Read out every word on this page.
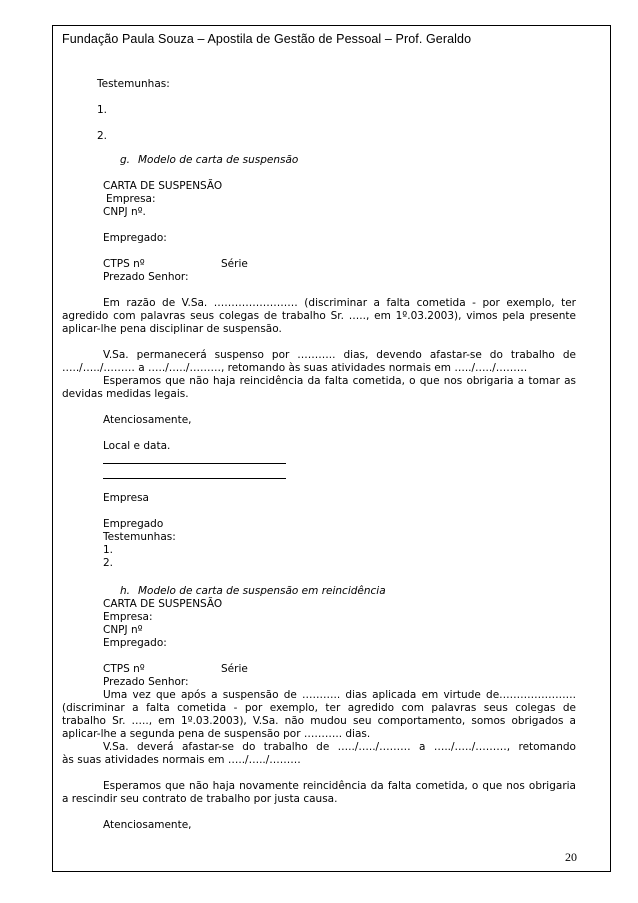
Fundação Paula Souza – Apostila de Gestão de Pessoal – Prof. Geraldo
Testemunhas:
1.
2.
g. Modelo de carta de suspensão
CARTA DE SUSPENSÃO
Empresa:
CNPJ nº.
Empregado:
CTPS nº	Série
Prezado Senhor:
Em razão de V.Sa. …………………… (discriminar a falta cometida - por exemplo, ter
agredido com palavras seus colegas de trabalho Sr. ….., em 1º.03.2003), vimos pela presente
aplicar-lhe pena disciplinar de suspensão.
V.Sa. permanecerá suspenso por ……….. dias, devendo afastar-se do trabalho de
…../…../……… a …../…../………, retomando às suas atividades normais em …../…../………
Esperamos que não haja reincidência da falta cometida, o que nos obrigaria a tomar as
devidas medidas legais.
Atenciosamente,
Local e data.
Empresa
Empregado
Testemunhas:
1.
2.
h. Modelo de carta de suspensão em reincidência
CARTA DE SUSPENSÃO
Empresa:
CNPJ nº
Empregado:
CTPS nº	Série
Prezado Senhor:
Uma vez que após a suspensão de ……….. dias aplicada em virtude de………………….
(discriminar a falta cometida - por exemplo, ter agredido com palavras seus colegas de
trabalho Sr. ….., em 1º.03.2003), V.Sa. não mudou seu comportamento, somos obrigados a
aplicar-lhe a segunda pena de suspensão por ……….. dias.
V.Sa. deverá afastar-se do trabalho de …../…../……… a …../…../………, retomando
às suas atividades normais em …../…../………
Esperamos que não haja novamente reincidência da falta cometida, o que nos obrigaria
a rescindir seu contrato de trabalho por justa causa.
Atenciosamente,
20
